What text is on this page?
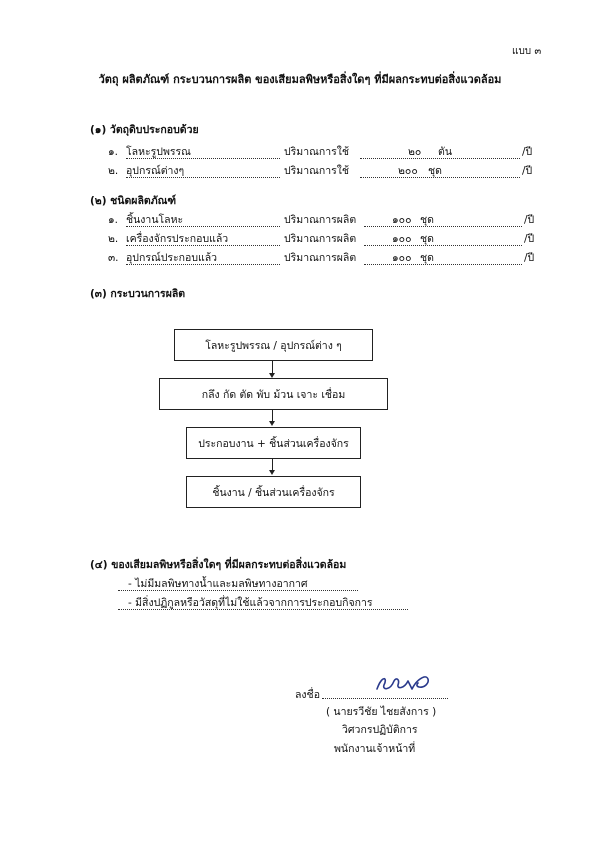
แบบ ๓
วัตถุ ผลิตภัณฑ์ กระบวนการผลิต ของเสียมลพิษหรือสิ่งใดๆ ที่มีผลกระทบต่อสิ่งแวดล้อม
(๑) วัตถุดิบประกอบด้วย
๑. โลหะรูปพรรณ	ปริมาณการใช้	๒๐ ตัน	/ปี
๒. อุปกรณ์ต่างๆ	ปริมาณการใช้	๒๐๐ ชุด	/ปี
(๒) ชนิดผลิตภัณฑ์
๑. ชิ้นงานโลหะ	ปริมาณการผลิต	๑๐๐ ชุด	/ปี
๒. เครื่องจักรประกอบแล้ว	ปริมาณการผลิต	๑๐๐ ชุด	/ปี
๓. อุปกรณ์ประกอบแล้ว	ปริมาณการผลิต	๑๐๐ ชุด	/ปี
(๓) กระบวนการผลิต
โลหะรูปพรรณ / อุปกรณ์ต่าง ๆ
กลึง กัด ตัด พับ ม้วน เจาะ เชื่อม
ประกอบงาน + ชิ้นส่วนเครื่องจักร
ชิ้นงาน / ชิ้นส่วนเครื่องจักร
(๔) ของเสียมลพิษหรือสิ่งใดๆ ที่มีผลกระทบต่อสิ่งแวดล้อม
- ไม่มีมลพิษทางน้ำและมลพิษทางอากาศ
- มีสิ่งปฏิกูลหรือวัสดุที่ไม่ใช้แล้วจากการประกอบกิจการ
ลงชื่อ
( นายรวีชัย ไชยสังการ )
วิศวกรปฏิบัติการ
พนักงานเจ้าหน้าที่
